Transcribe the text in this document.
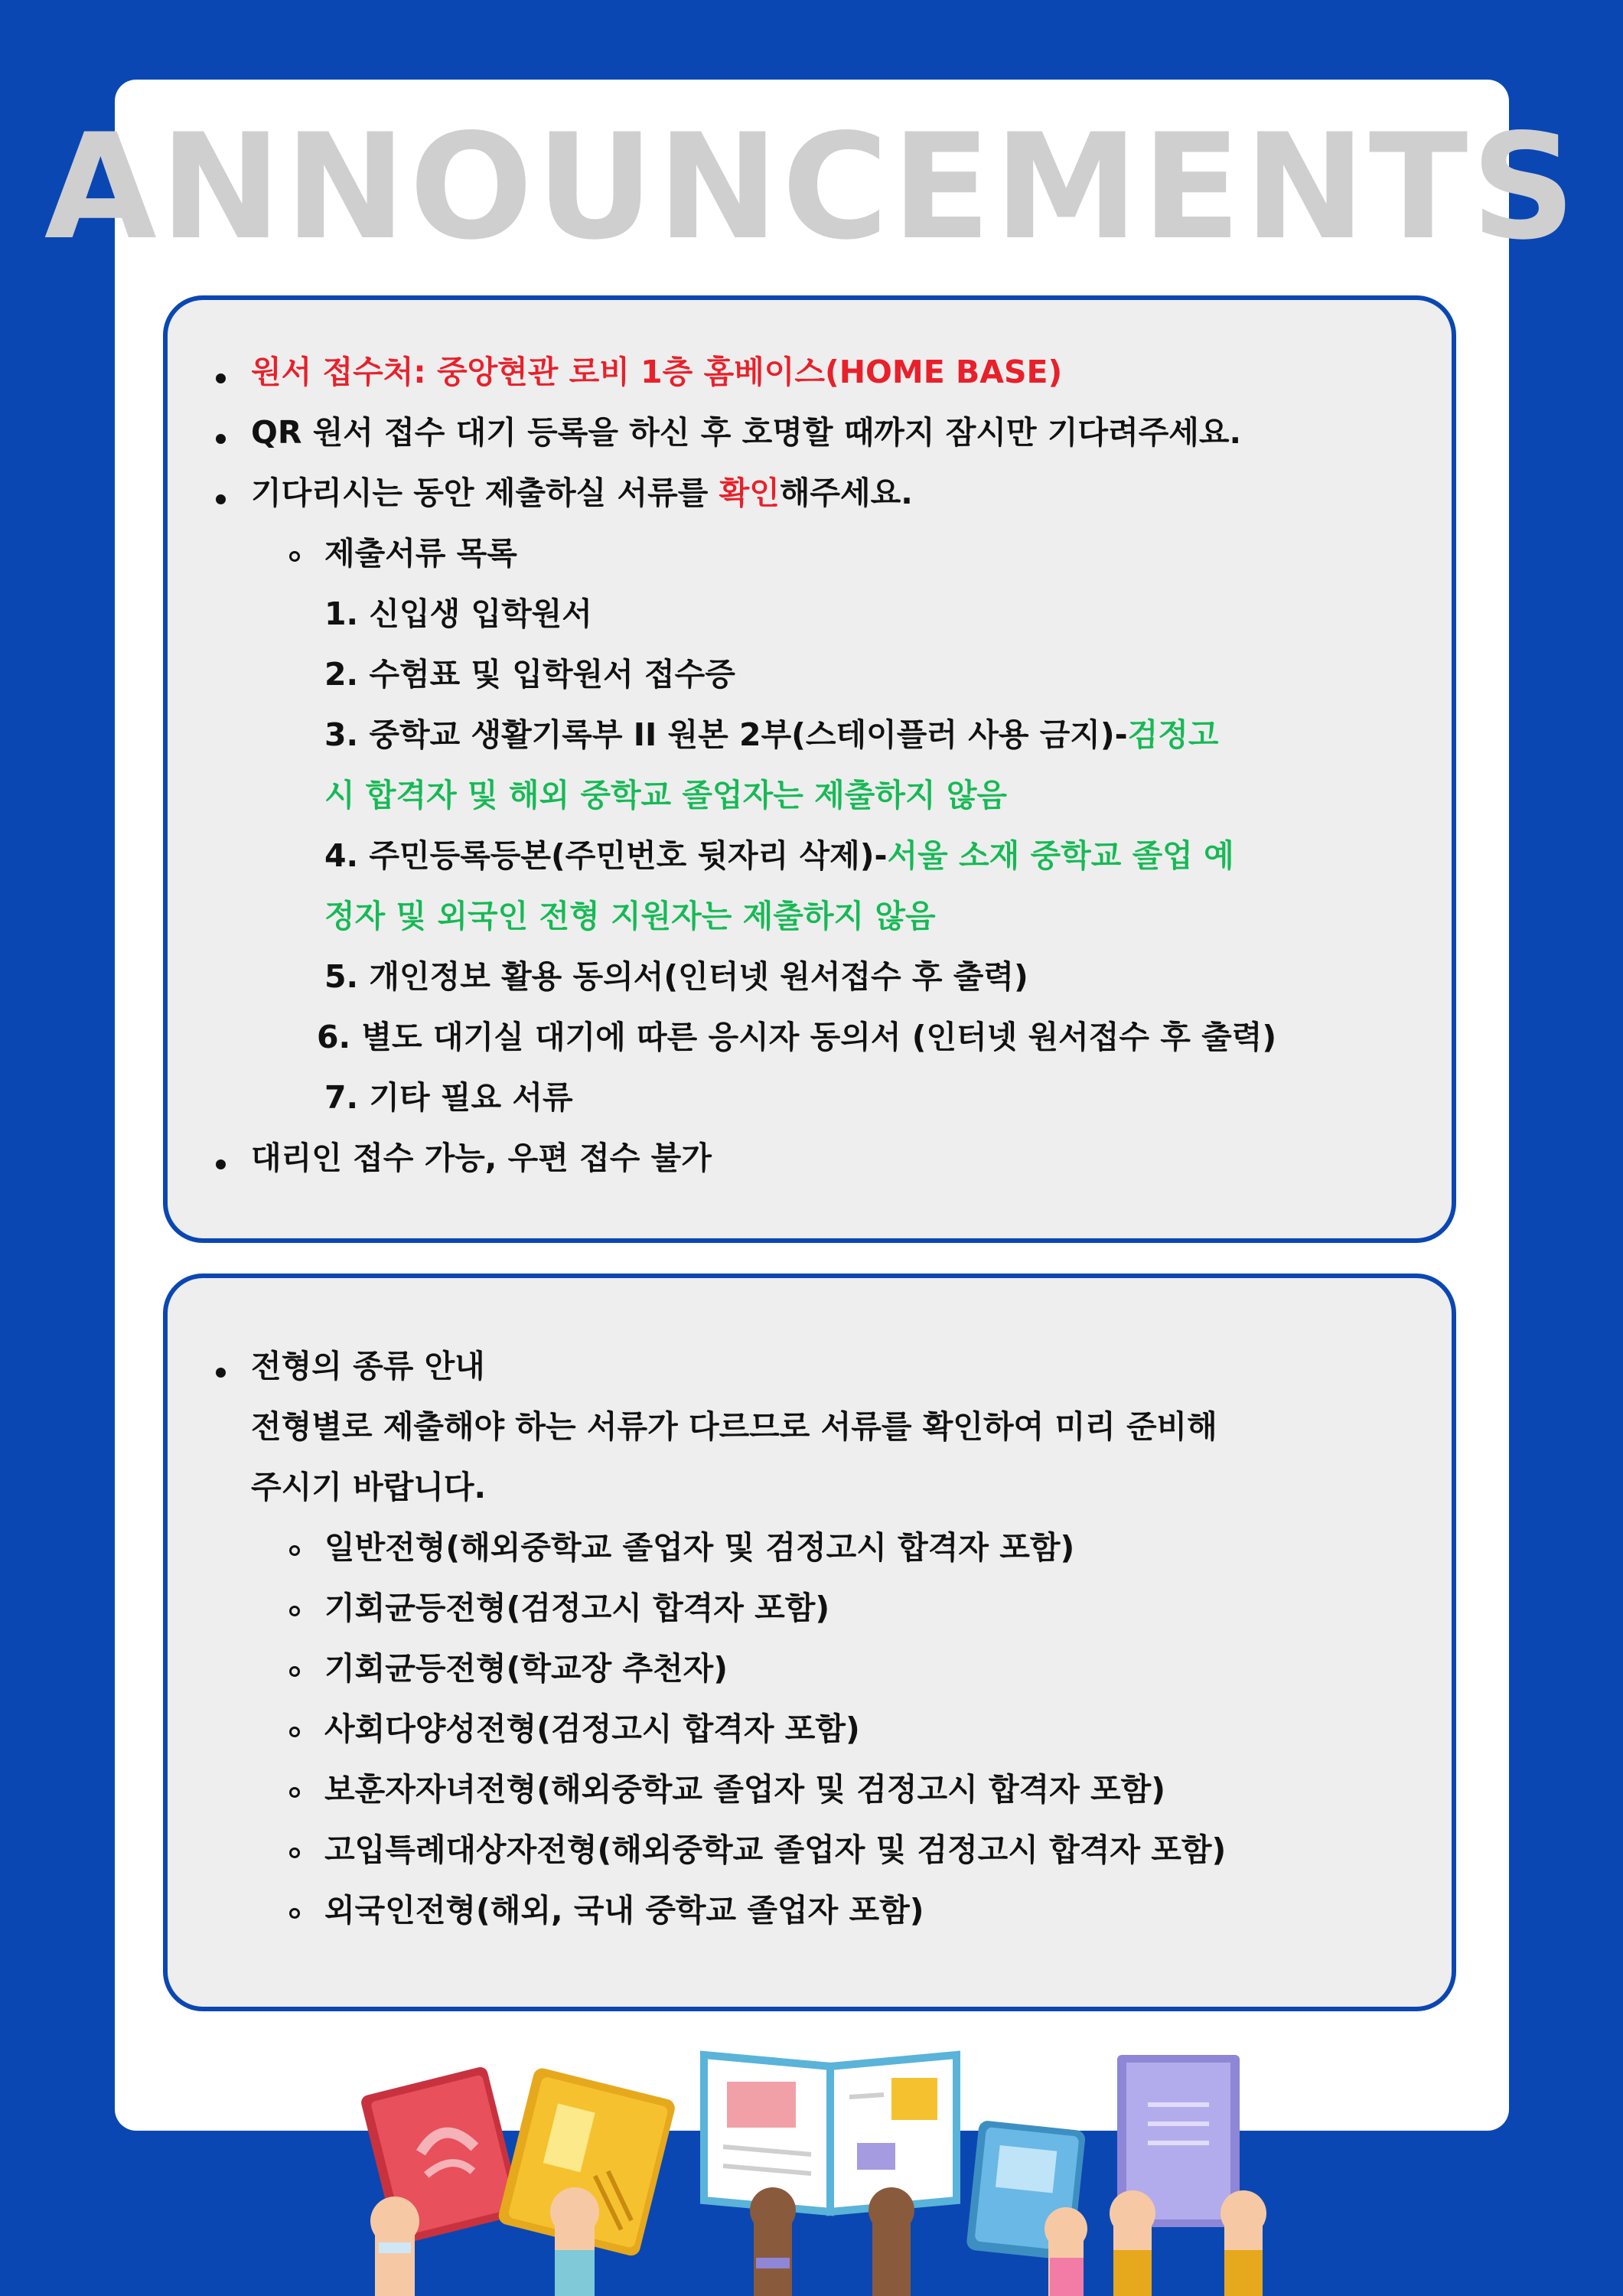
ANNOUNCEMENTS
원서 접수처: 중앙현관 로비 1층 홈베이스(HOME BASE)
QR 원서 접수 대기 등록을 하신 후 호명할 때까지 잠시만 기다려주세요.
기다리시는 동안 제출하실 서류를 확인해주세요.
제출서류 목록
1. 신입생 입학원서
2. 수험표 및 입학원서 접수증
3. 중학교 생활기록부 II 원본 2부(스테이플러 사용 금지)-검정고
시 합격자 및 해외 중학교 졸업자는 제출하지 않음
4. 주민등록등본(주민번호 뒷자리 삭제)-서울 소재 중학교 졸업 예
정자 및 외국인 전형 지원자는 제출하지 않음
5. 개인정보 활용 동의서(인터넷 원서접수 후 출력)
6. 별도 대기실 대기에 따른 응시자 동의서 (인터넷 원서접수 후 출력)
7. 기타 필요 서류
대리인 접수 가능, 우편 접수 불가
전형의 종류 안내
전형별로 제출해야 하는 서류가 다르므로 서류를 확인하여 미리 준비해
주시기 바랍니다.
일반전형(해외중학교 졸업자 및 검정고시 합격자 포함)
기회균등전형(검정고시 합격자 포함)
기회균등전형(학교장 추천자)
사회다양성전형(검정고시 합격자 포함)
보훈자자녀전형(해외중학교 졸업자 및 검정고시 합격자 포함)
고입특례대상자전형(해외중학교 졸업자 및 검정고시 합격자 포함)
외국인전형(해외, 국내 중학교 졸업자 포함)
